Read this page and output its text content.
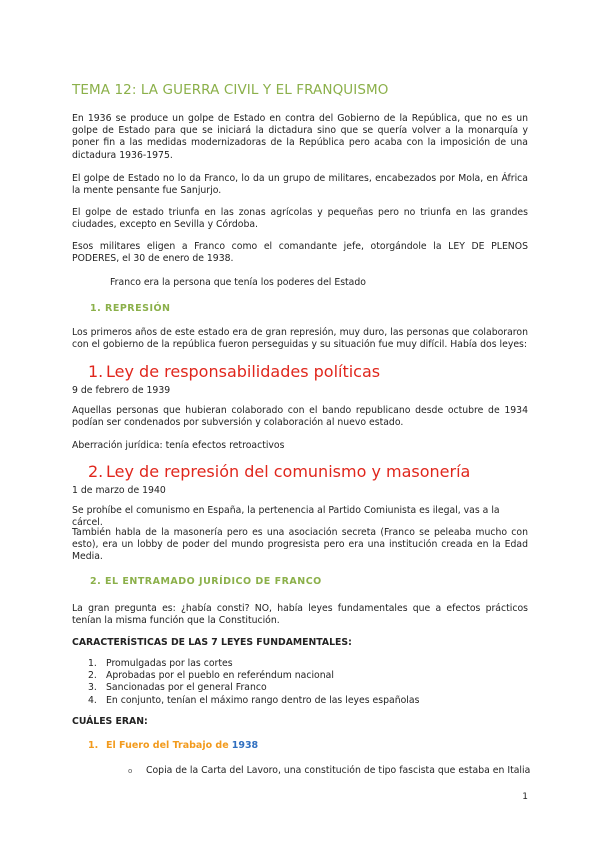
TEMA 12: LA GUERRA CIVIL Y EL FRANQUISMO

En 1936 se produce un golpe de Estado en contra del Gobierno de la República, que no es un golpe de Estado para que se iniciará la dictadura sino que se quería volver a la monarquía y poner fin a las medidas modernizadoras de la República pero acaba con la imposición de una dictadura 1936-1975.

El golpe de Estado no lo da Franco, lo da un grupo de militares, encabezados por Mola, en África la mente pensante fue Sanjurjo.

El golpe de estado triunfa en las zonas agrícolas y pequeñas pero no triunfa en las grandes ciudades, excepto en Sevilla y Córdoba.

Esos militares eligen a Franco como el comandante jefe, otorgándole la LEY DE PLENOS PODERES, el 30 de enero de 1938.

Franco era la persona que tenía los poderes del Estado

1. REPRESIÓN

Los primeros años de este estado era de gran represión, muy duro, las personas que colaboraron con el gobierno de la república fueron perseguidas y su situación fue muy difícil. Había dos leyes:

1. Ley de responsabilidades políticas

9 de febrero de 1939

Aquellas personas que hubieran colaborado con el bando republicano desde octubre de 1934 podían ser condenados por subversión y colaboración al nuevo estado.

Aberración jurídica: tenía efectos retroactivos

2. Ley de represión del comunismo y masonería

1 de marzo de 1940

Se prohíbe el comunismo en España, la pertenencia al Partido Comiunista es ilegal, vas a la cárcel.

También habla de la masonería pero es una asociación secreta (Franco se peleaba mucho con esto), era un lobby de poder del mundo progresista pero era una institución creada en la Edad Media.

2. EL ENTRAMADO JURÍDICO DE FRANCO

La gran pregunta es: ¿había consti? NO, había leyes fundamentales que a efectos prácticos tenían la misma función que la Constitución.

CARACTERÍSTICAS DE LAS 7 LEYES FUNDAMENTALES:

1. Promulgadas por las cortes
2. Aprobadas por el pueblo en referéndum nacional
3. Sancionadas por el general Franco
4. En conjunto, tenían el máximo rango dentro de las leyes españolas

CUÁLES ERAN:

1. El Fuero del Trabajo de 1938
o Copia de la Carta del Lavoro, una constitución de tipo fascista que estaba en Italia
1
